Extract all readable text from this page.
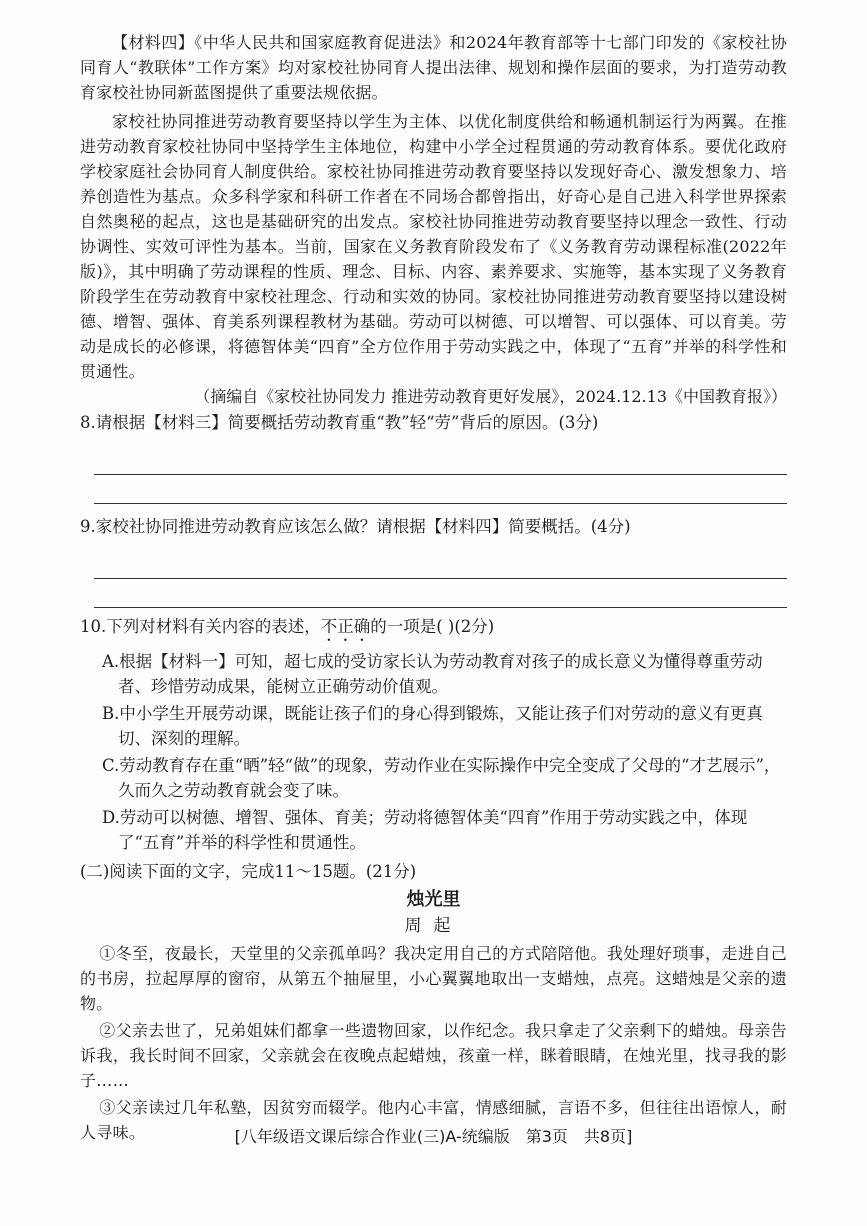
【材料四】《中华人民共和国家庭教育促进法》和2024年教育部等十七部门印发的《家校社协同育人“教联体”工作方案》均对家校社协同育人提出法律、规划和操作层面的要求，为打造劳动教育家校社协同新蓝图提供了重要法规依据。

家校社协同推进劳动教育要坚持以学生为主体、以优化制度供给和畅通机制运行为两翼。在推进劳动教育家校社协同中坚持学生主体地位，构建中小学全过程贯通的劳动教育体系。要优化政府学校家庭社会协同育人制度供给。家校社协同推进劳动教育要坚持以发现好奇心、激发想象力、培养创造性为基点。众多科学家和科研工作者在不同场合都曾指出，好奇心是自己进入科学世界探索自然奥秘的起点，这也是基础研究的出发点。家校社协同推进劳动教育要坚持以理念一致性、行动协调性、实效可评性为基本。当前，国家在义务教育阶段发布了《义务教育劳动课程标准(2022年版)》，其中明确了劳动课程的性质、理念、目标、内容、素养要求、实施等，基本实现了义务教育阶段学生在劳动教育中家校社理念、行动和实效的协同。家校社协同推进劳动教育要坚持以建设树德、增智、强体、育美系列课程教材为基础。劳动可以树德、可以增智、可以强体、可以育美。劳动是成长的必修课，将德智体美“四育”全方位作用于劳动实践之中，体现了“五育”并举的科学性和贯通性。

（摘编自《家校社协同发力 推进劳动教育更好发展》，2024.12.13《中国教育报》）

8.请根据【材料三】简要概括劳动教育重“教”轻“劳”背后的原因。(3分)

9.家校社协同推进劳动教育应该怎么做？请根据【材料四】简要概括。(4分)

10.下列对材料有关内容的表述，不正确的一项是( )(2分)

A.根据【材料一】可知，超七成的受访家长认为劳动教育对孩子的成长意义为懂得尊重劳动者、珍惜劳动成果，能树立正确劳动价值观。

B.中小学生开展劳动课，既能让孩子们的身心得到锻炼，又能让孩子们对劳动的意义有更真切、深刻的理解。

C.劳动教育存在重“晒”轻“做”的现象，劳动作业在实际操作中完全变成了父母的“才艺展示”，久而久之劳动教育就会变了味。

D.劳动可以树德、增智、强体、育美；劳动将德智体美“四育”作用于劳动实践之中，体现了“五育”并举的科学性和贯通性。

(二)阅读下面的文字，完成11～15题。(21分)

烛光里

周起

①冬至，夜最长，天堂里的父亲孤单吗？我决定用自己的方式陪陪他。我处理好琐事，走进自己的书房，拉起厚厚的窗帘，从第五个抽屉里，小心翼翼地取出一支蜡烛，点亮。这蜡烛是父亲的遗物。

②父亲去世了，兄弟姐妹们都拿一些遗物回家，以作纪念。我只拿走了父亲剩下的蜡烛。母亲告诉我，我长时间不回家，父亲就会在夜晚点起蜡烛，孩童一样，眯着眼睛，在烛光里，找寻我的影子……

③父亲读过几年私塾，因贫穷而辍学。他内心丰富，情感细腻，言语不多，但往往出语惊人，耐人寻味。	[八年级语文课后综合作业(三)A-统编版　第3页　共8页]
